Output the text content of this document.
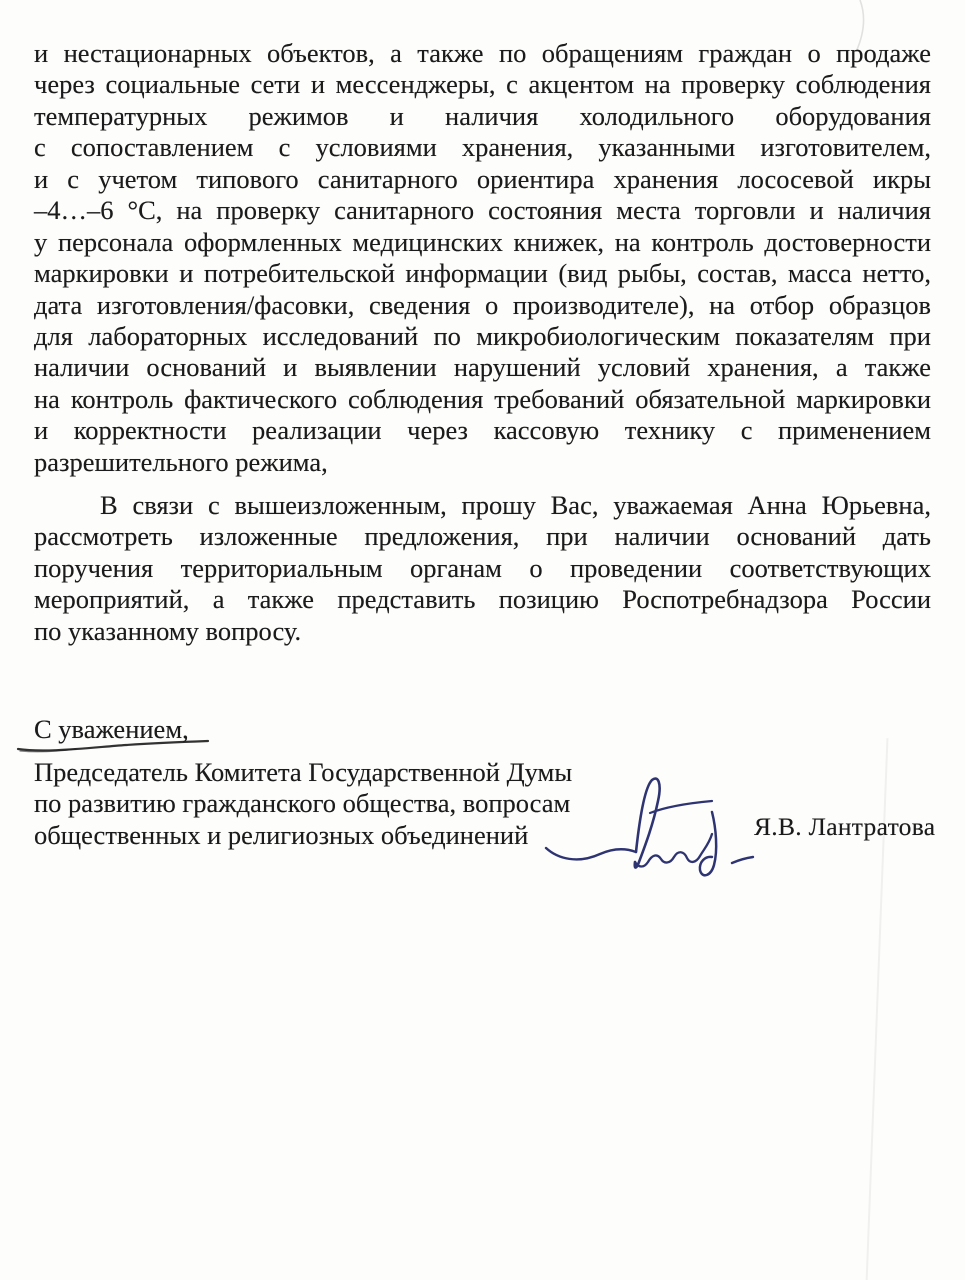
и нестационарных объектов, а также по обращениям граждан о продаже
через социальные сети и мессенджеры, с акцентом на проверку соблюдения
температурных режимов и наличия холодильного оборудования
с сопоставлением с условиями хранения, указанными изготовителем,
и с учетом типового санитарного ориентира хранения лососевой икры
–4…–6 °С, на проверку санитарного состояния места торговли и наличия
у персонала оформленных медицинских книжек, на контроль достоверности
маркировки и потребительской информации (вид рыбы, состав, масса нетто,
дата изготовления/фасовки, сведения о производителе), на отбор образцов
для лабораторных исследований по микробиологическим показателям при
наличии оснований и выявлении нарушений условий хранения, а также
на контроль фактического соблюдения требований обязательной маркировки
и корректности реализации через кассовую технику с применением
разрешительного режима,
В связи с вышеизложенным, прошу Вас, уважаемая Анна Юрьевна,
рассмотреть изложенные предложения, при наличии оснований дать
поручения территориальным органам о проведении соответствующих
мероприятий, а также представить позицию Роспотребнадзора России
по указанному вопросу.
С уважением,
Председатель Комитета Государственной Думы
по развитию гражданского общества, вопросам
общественных и религиозных объединений	Я.В. Лантратова
